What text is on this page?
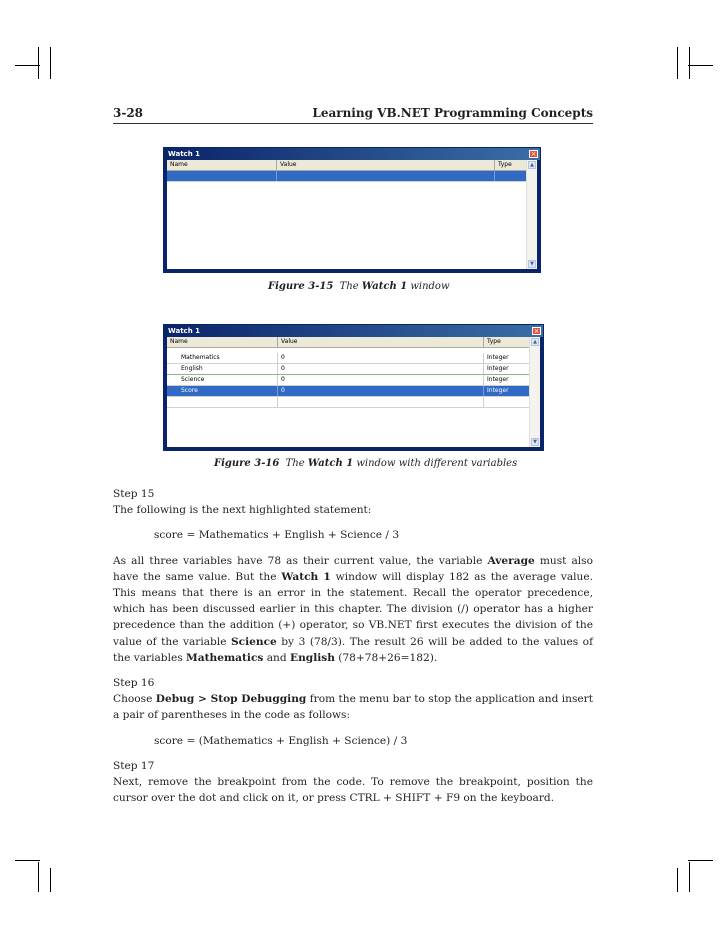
3-28	Learning VB.NET Programming Concepts
Watch 1	×
Name	Value	Type	▲
▼
Figure 3-15 The Watch 1 window
Watch 1	×
Name	Value	Type
Mathematics	0	Integer
English	0	Integer
Science	0	Integer
Score	0	Integer
▲
▼
Figure 3-16 The Watch 1 window with different variables

Step 15

The following is the next highlighted statement:

score = Mathematics + English + Science / 3

As all three variables have 78 as their current value, the variable Average must also have the same value. But the Watch 1 window will display 182 as the average value. This means that there is an error in the statement. Recall the operator precedence, which has been discussed earlier in this chapter. The division (/) operator has a higher precedence than the addition (+) operator, so VB.NET first executes the division of the value of the variable Science by 3 (78/3). The result 26 will be added to the values of the variables Mathematics and English (78+78+26=182).

Step 16

Choose Debug > Stop Debugging from the menu bar to stop the application and insert a pair of parentheses in the code as follows:

score = (Mathematics + English + Science) / 3

Step 17

Next, remove the breakpoint from the code. To remove the breakpoint, position the cursor over the dot and click on it, or press CTRL + SHIFT + F9 on the keyboard.
